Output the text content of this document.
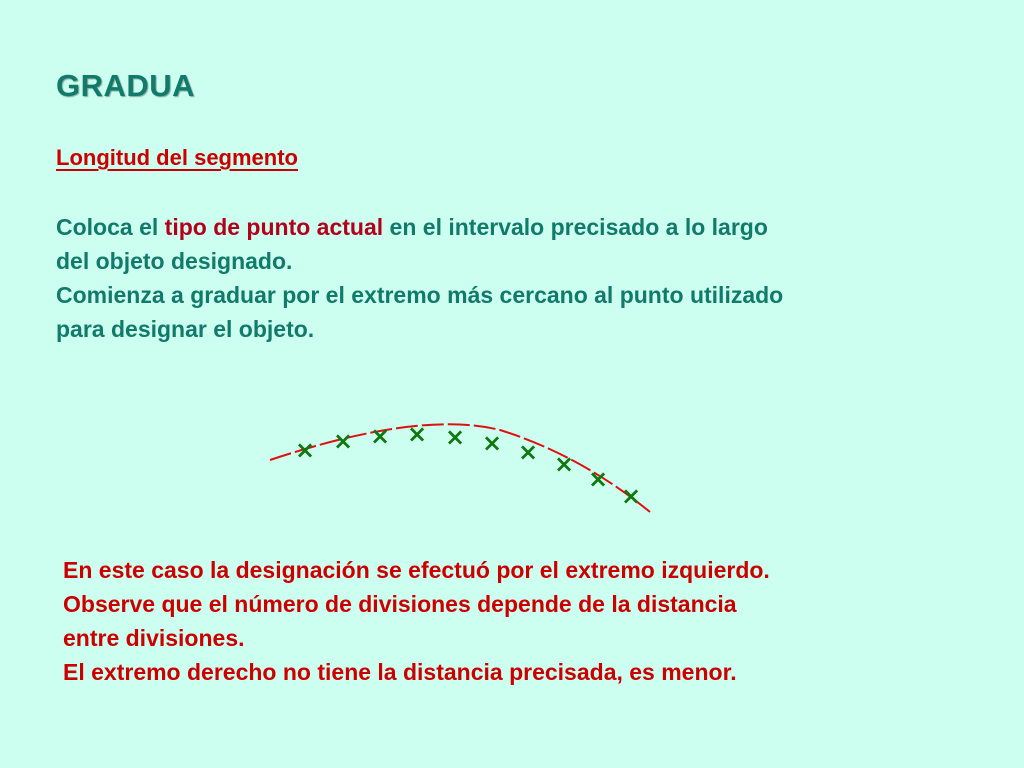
GRADUA
Longitud del segmento
Coloca el tipo de punto actual en el intervalo precisado a lo largo
del objeto designado.
Comienza a graduar por el extremo más cercano al punto utilizado
para designar el objeto.
× × × × × × × ×
×
×
En este caso la designación se efectuó por el extremo izquierdo.
Observe que el número de divisiones depende de la distancia
entre divisiones.
El extremo derecho no tiene la distancia precisada, es menor.
